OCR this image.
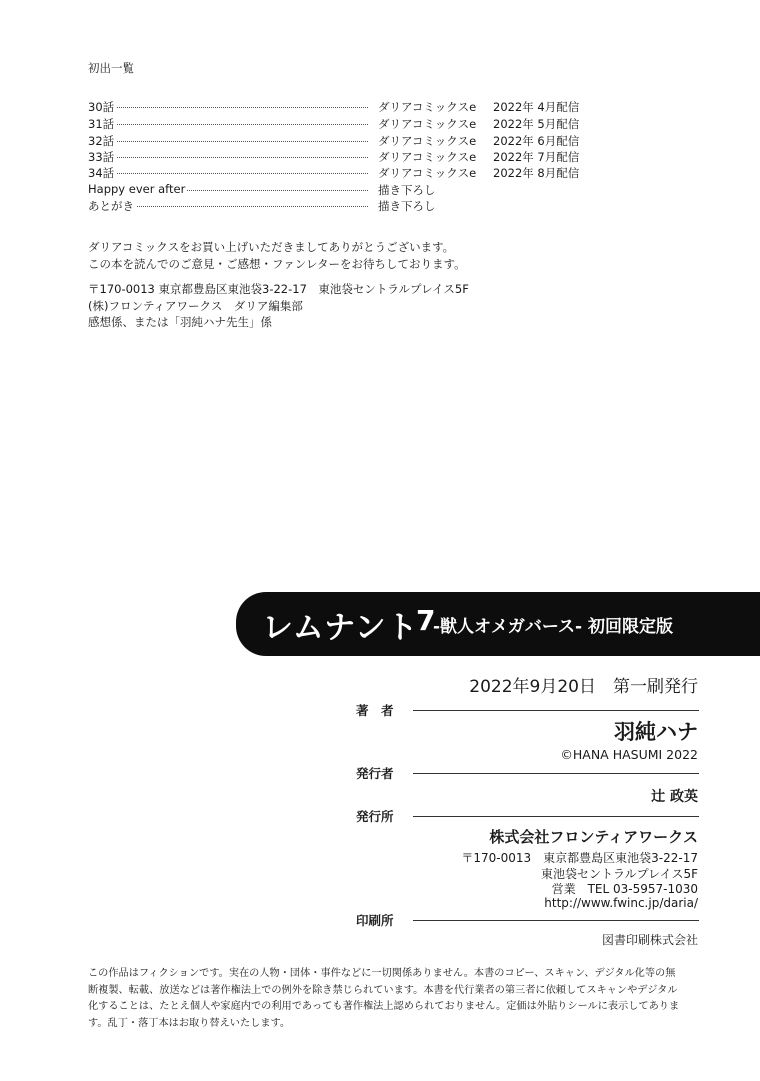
初出一覧
30話	ダリアコミックスe 2022年 4月配信
31話	ダリアコミックスe 2022年 5月配信
32話	ダリアコミックスe 2022年 6月配信
33話	ダリアコミックスe 2022年 7月配信
34話	ダリアコミックスe 2022年 8月配信
Happy ever after	描き下ろし
あとがき	描き下ろし
ダリアコミックスをお買い上げいただきましてありがとうございます。
この本を読んでのご意見・ご感想・ファンレターをお待ちしております。
〒170-0013 東京都豊島区東池袋3-22-17　東池袋セントラルプレイス5F
(株)フロンティアワークス　ダリア編集部
感想係、または「羽純ハナ先生」係
レムナント
7
-獣人オメガバース- 初回限定版
2022年9月20日　第一刷発行
著　者
羽純ハナ
©HANA HASUMI 2022
発行者
辻 政英
発行所
株式会社フロンティアワークス
〒170-0013　東京都豊島区東池袋3-22-17
東池袋セントラルプレイス5F
営業　TEL 03-5957-1030
http://www.fwinc.jp/daria/
印刷所
図書印刷株式会社
この作品はフィクションです。実在の人物・団体・事件などに一切関係ありません。本書のコピー、スキャン、デジタル化等の無
断複製、転載、放送などは著作権法上での例外を除き禁じられています。本書を代行業者の第三者に依頼してスキャンやデジタル
化することは、たとえ個人や家庭内での利用であっても著作権法上認められておりません。定価は外貼りシールに表示してありま
す。乱丁・落丁本はお取り替えいたします。
